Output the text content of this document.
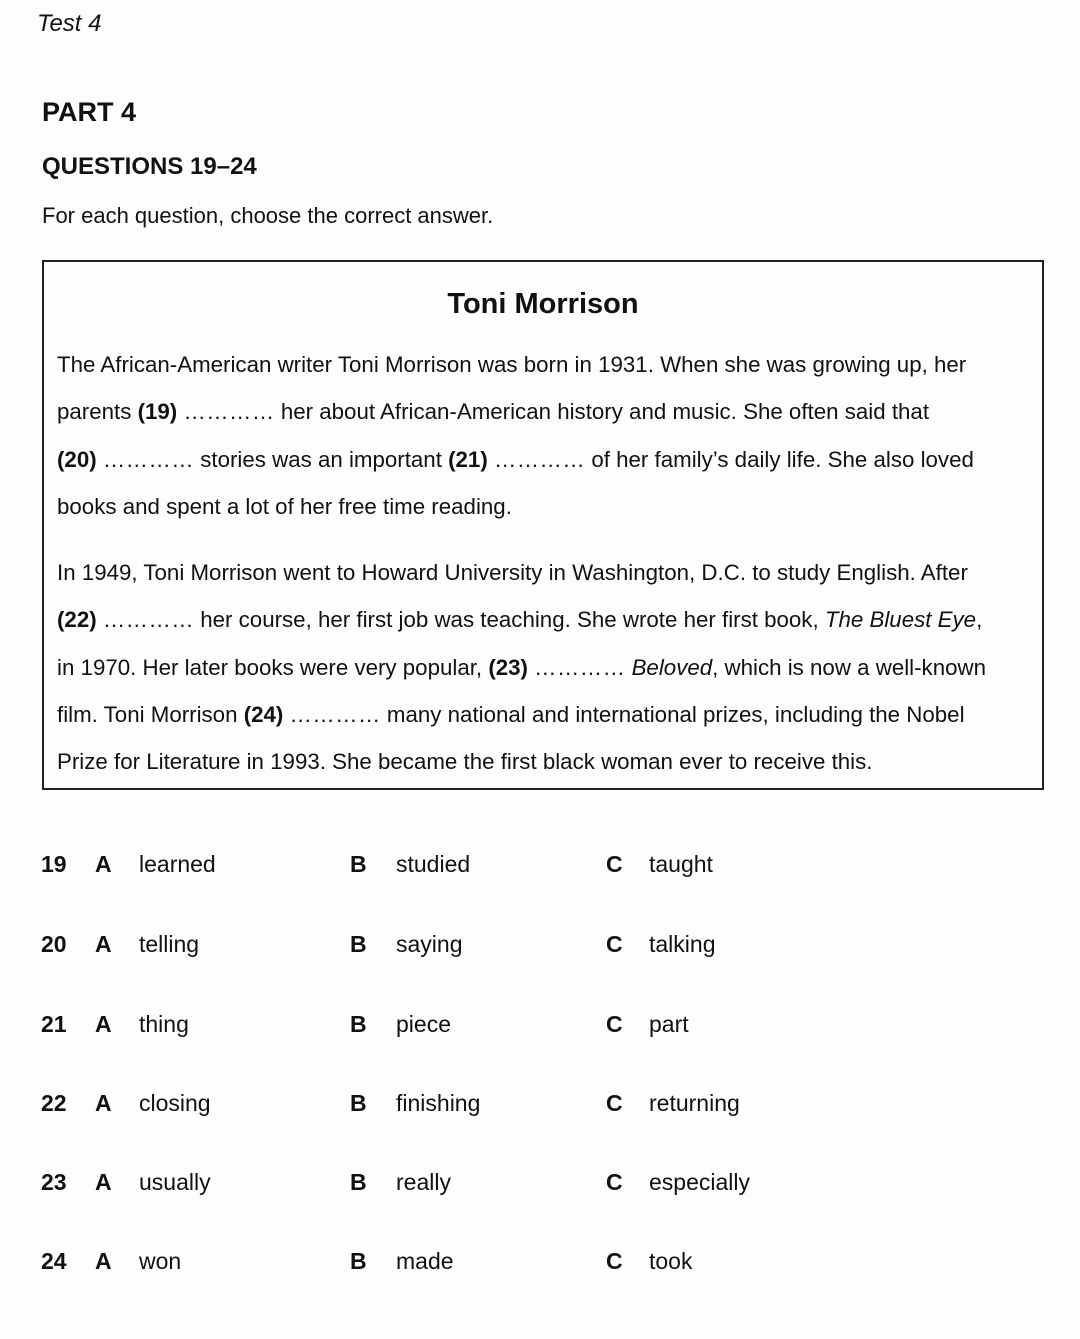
Test 4
PART 4
QUESTIONS 19–24
For each question, choose the correct answer.
Toni Morrison
The African-American writer Toni Morrison was born in 1931. When she was growing up, her
parents (19) ………… her about African-American history and music. She often said that
(20) ………… stories was an important (21) ………… of her family’s daily life. She also loved
books and spent a lot of her free time reading.
In 1949, Toni Morrison went to Howard University in Washington, D.C. to study English. After
(22) ………… her course, her first job was teaching. She wrote her first book, The Bluest Eye,
in 1970. Her later books were very popular, (23) ………… Beloved, which is now a well-known
film. Toni Morrison (24) ………… many national and international prizes, including the Nobel
Prize for Literature in 1993. She became the first black woman ever to receive this.
19 A learned	B studied	C taught
20 A telling	B saying	C talking
21 A thing	B piece	C part
22 A closing	B finishing	C returning
23 A usually	B really	C especially
24 A won	B made	C took
